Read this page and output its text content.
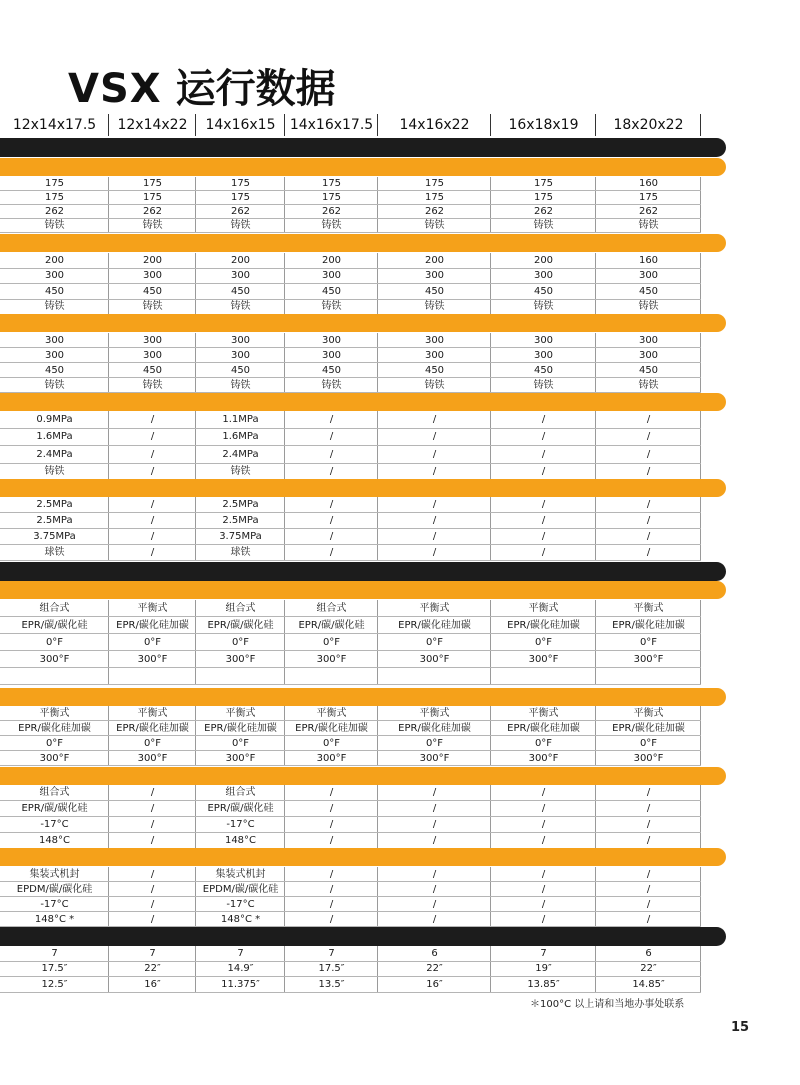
VSX 运行数据
12x14x17.5	12x14x22	14x16x15	14x16x17.5	14x16x22	16x18x19	18x20x22
175	175	175	175	175	175	160
175	175	175	175	175	175	175
262	262	262	262	262	262	262
铸铁	铸铁	铸铁	铸铁	铸铁	铸铁	铸铁
200	200	200	200	200	200	160
300	300	300	300	300	300	300
450	450	450	450	450	450	450
铸铁	铸铁	铸铁	铸铁	铸铁	铸铁	铸铁
300	300	300	300	300	300	300
300	300	300	300	300	300	300
450	450	450	450	450	450	450
铸铁	铸铁	铸铁	铸铁	铸铁	铸铁	铸铁
0.9MPa	/	1.1MPa	/	/	/	/
1.6MPa	/	1.6MPa	/	/	/	/
2.4MPa	/	2.4MPa	/	/	/	/
铸铁	/	铸铁	/	/	/	/
2.5MPa	/	2.5MPa	/	/	/	/
2.5MPa	/	2.5MPa	/	/	/	/
3.75MPa	/	3.75MPa	/	/	/	/
球铁	/	球铁	/	/	/	/
组合式	平衡式	组合式	组合式	平衡式	平衡式	平衡式
EPR/碳/碳化硅	EPR/碳化硅加碳	EPR/碳/碳化硅	EPR/碳/碳化硅	EPR/碳化硅加碳	EPR/碳化硅加碳	EPR/碳化硅加碳
0°F	0°F	0°F	0°F	0°F	0°F	0°F
300°F	300°F	300°F	300°F	300°F	300°F	300°F
平衡式	平衡式	平衡式	平衡式	平衡式	平衡式	平衡式
EPR/碳化硅加碳	EPR/碳化硅加碳	EPR/碳化硅加碳	EPR/碳化硅加碳	EPR/碳化硅加碳	EPR/碳化硅加碳	EPR/碳化硅加碳
0°F	0°F	0°F	0°F	0°F	0°F	0°F
300°F	300°F	300°F	300°F	300°F	300°F	300°F
组合式	/	组合式	/	/	/	/
EPR/碳/碳化硅	/	EPR/碳/碳化硅	/	/	/	/
-17°C	/	-17°C	/	/	/	/
148°C	/	148°C	/	/	/	/
集装式机封	/	集装式机封	/	/	/	/
EPDM/碳/碳化硅	/	EPDM/碳/碳化硅	/	/	/	/
-17°C	/	-17°C	/	/	/	/
148°C *	/	148°C *	/	/	/	/
7	7	7	7	6	7	6
17.5″	22″	14.9″	17.5″	22″	19″	22″
12.5″	16″	11.375″	13.5″	16″	13.85″	14.85″
＊100°C 以上请和当地办事处联系
15
